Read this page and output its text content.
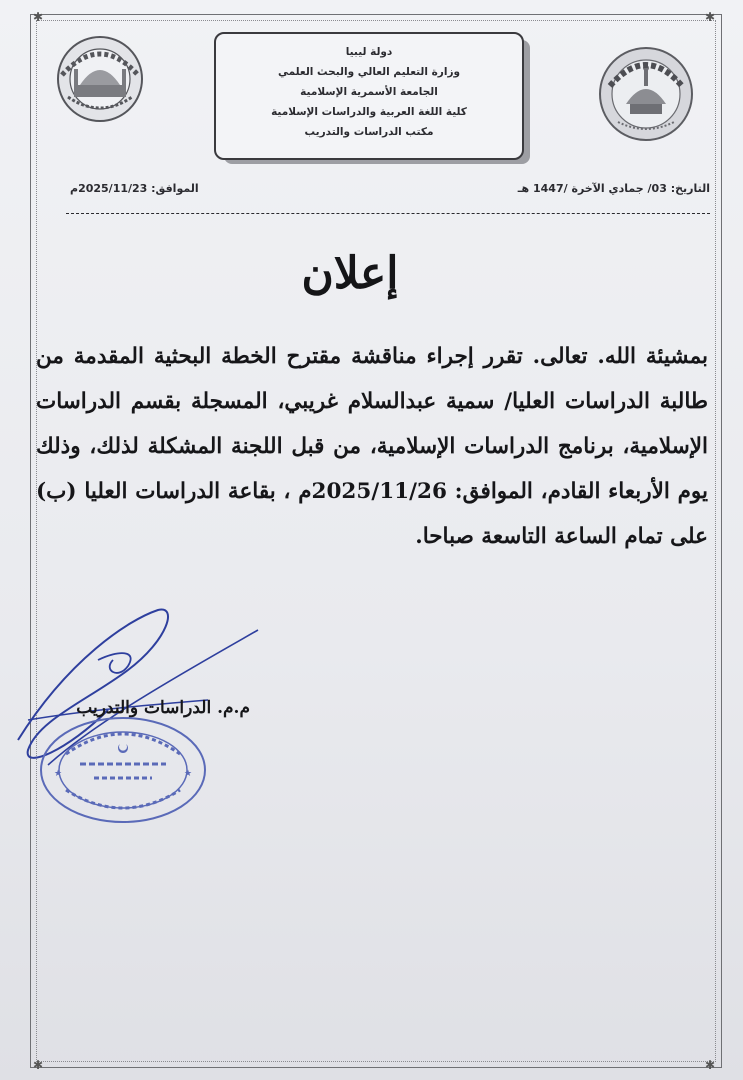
✱	✱
✱	✱
دولة ليبيا
وزارة التعليم العالي والبحث العلمي
الجامعة الأسمرية الإسلامية
كلية اللغة العربية والدراسات الإسلامية
مكتب الدراسات والتدريب
التاريخ: 03/ جمادي الآخرة /1447 هـ
الموافق: 2025/11/23م
إعلان
بمشيئة الله. تعالى. تقرر إجراء مناقشة مقترح الخطة البحثية المقدمة من طالبة الدراسات العليا/ سمية عبدالسلام غريبي، المسجلة بقسم الدراسات الإسلامية، برنامج الدراسات الإسلامية، من قبل اللجنة المشكلة لذلك، وذلك يوم الأربعاء القادم، الموافق: 2025/11/26م ، بقاعة الدراسات العليا (ب) على تمام الساعة التاسعة صباحا.
م.م. الدراسات والتدريب
★	★
